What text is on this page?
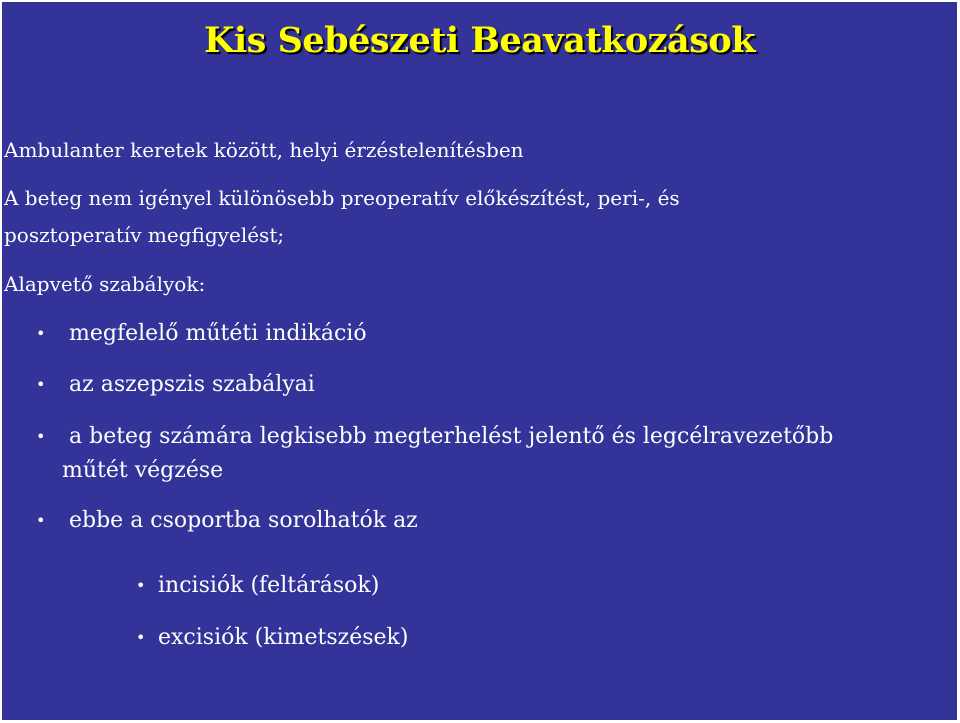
Kis Sebészeti Beavatkozások
Ambulanter keretek között, helyi érzéstelenítésben
A beteg nem igényel különösebb preoperatív előkészítést, peri-, és
posztoperatív megfigyelést;
Alapvető szabályok:
• megfelelő műtéti indikáció
• az aszepszis szabályai
• a beteg számára legkisebb megterhelést jelentő és legcélravezetőbb
műtét végzése
• ebbe a csoportba sorolhatók az
• incisiók (feltárások)
• excisiók (kimetszések)
